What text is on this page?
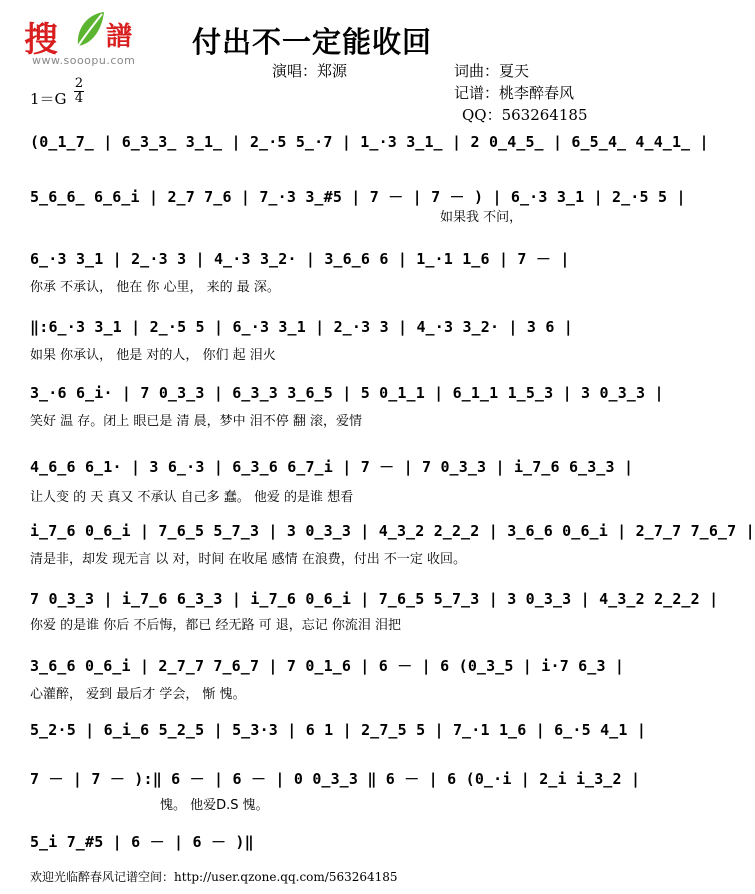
搜 譜
www.sooopu.com
付出不一定能收回
演唱：郑源	词曲：夏天
记谱：桃李醉春风
QQ：563264185
1＝G
2
4
(0̲1̲7̲ | 6̲3̲3̲ 3̲1̲ | 2̲·5 5̲·7 | 1̲·3 3̲1̲ | 2 0̲4̲5̲ | 6̲5̲4̲ 4̲4̲1̲ |
5̲6̲6̲ 6̲6̲i | 2̲7 7̲6 | 7̲·3 3̲#5 | 7 － | 7 － ) | 6̲·3 3̲1 | 2̲·5 5 |
如果我 不问，
6̲·3 3̲1 | 2̲·3 3 | 4̲·3 3̲2· | 3̲6̲6 6 | 1̲·1 1̲6 | 7 － |
你承 不承认， 他在 你 心里， 来的 最 深。
‖:6̲·3 3̲1 | 2̲·5 5 | 6̲·3 3̲1 | 2̲·3 3 | 4̲·3 3̲2· | 3 6 |
如果 你承认， 他是 对的人， 你们 起 泪火
3̲·6 6̲i· | 7 0̲3̲3 | 6̲3̲3 3̲6̲5 | 5 0̲1̲1 | 6̲1̲1 1̲5̲3 | 3 0̲3̲3 |
笑好 温 存。闭上 眼已是 清 晨，梦中 泪不停 翻 滚，爱情
4̲6̲6 6̲1· | 3 6̲·3 | 6̲3̲6 6̲7̲i | 7 － | 7 0̲3̲3 | i̲7̲6 6̲3̲3 |
让人变 的 天 真又 不承认 自己多 蠢。 他爱 的是谁 想看
i̲7̲6 0̲6̲i | 7̲6̲5 5̲7̲3 | 3 0̲3̲3 | 4̲3̲2 2̲2̲2 | 3̲6̲6 0̲6̲i | 2̲7̲7 7̲6̲7 |
清是非，却发 现无言 以 对，时间 在收尾 感情 在浪费，付出 不一定 收回。
7 0̲3̲3 | i̲7̲6 6̲3̲3 | i̲7̲6 0̲6̲i | 7̲6̲5 5̲7̲3 | 3 0̲3̲3 | 4̲3̲2 2̲2̲2 |
你爱 的是谁 你后 不后悔，都已 经无路 可 退，忘记 你流泪 泪把
3̲6̲6 0̲6̲i | 2̲7̲7 7̲6̲7 | 7 0̲1̲6 | 6 － | 6 (0̲3̲5 | i·7 6̲3 |
心灌醉， 爱到 最后才 学会， 惭 愧。
5̲2·5 | 6̲i̲6 5̲2̲5 | 5̲3·3 | 6 1 | 2̲7̲5 5 | 7̲·1 1̲6 | 6̲·5 4̲1 |
7 － | 7 － ):‖ 6 － | 6 － | 0 0̲3̲3 ‖ 6 － | 6 (0̲·i | 2̲i i̲3̲2 |
愧。 他爱D.S 愧。
5̲i 7̲#5 | 6 － | 6 － )‖
欢迎光临醉春风记谱空间：http://user.qzone.qq.com/563264185
